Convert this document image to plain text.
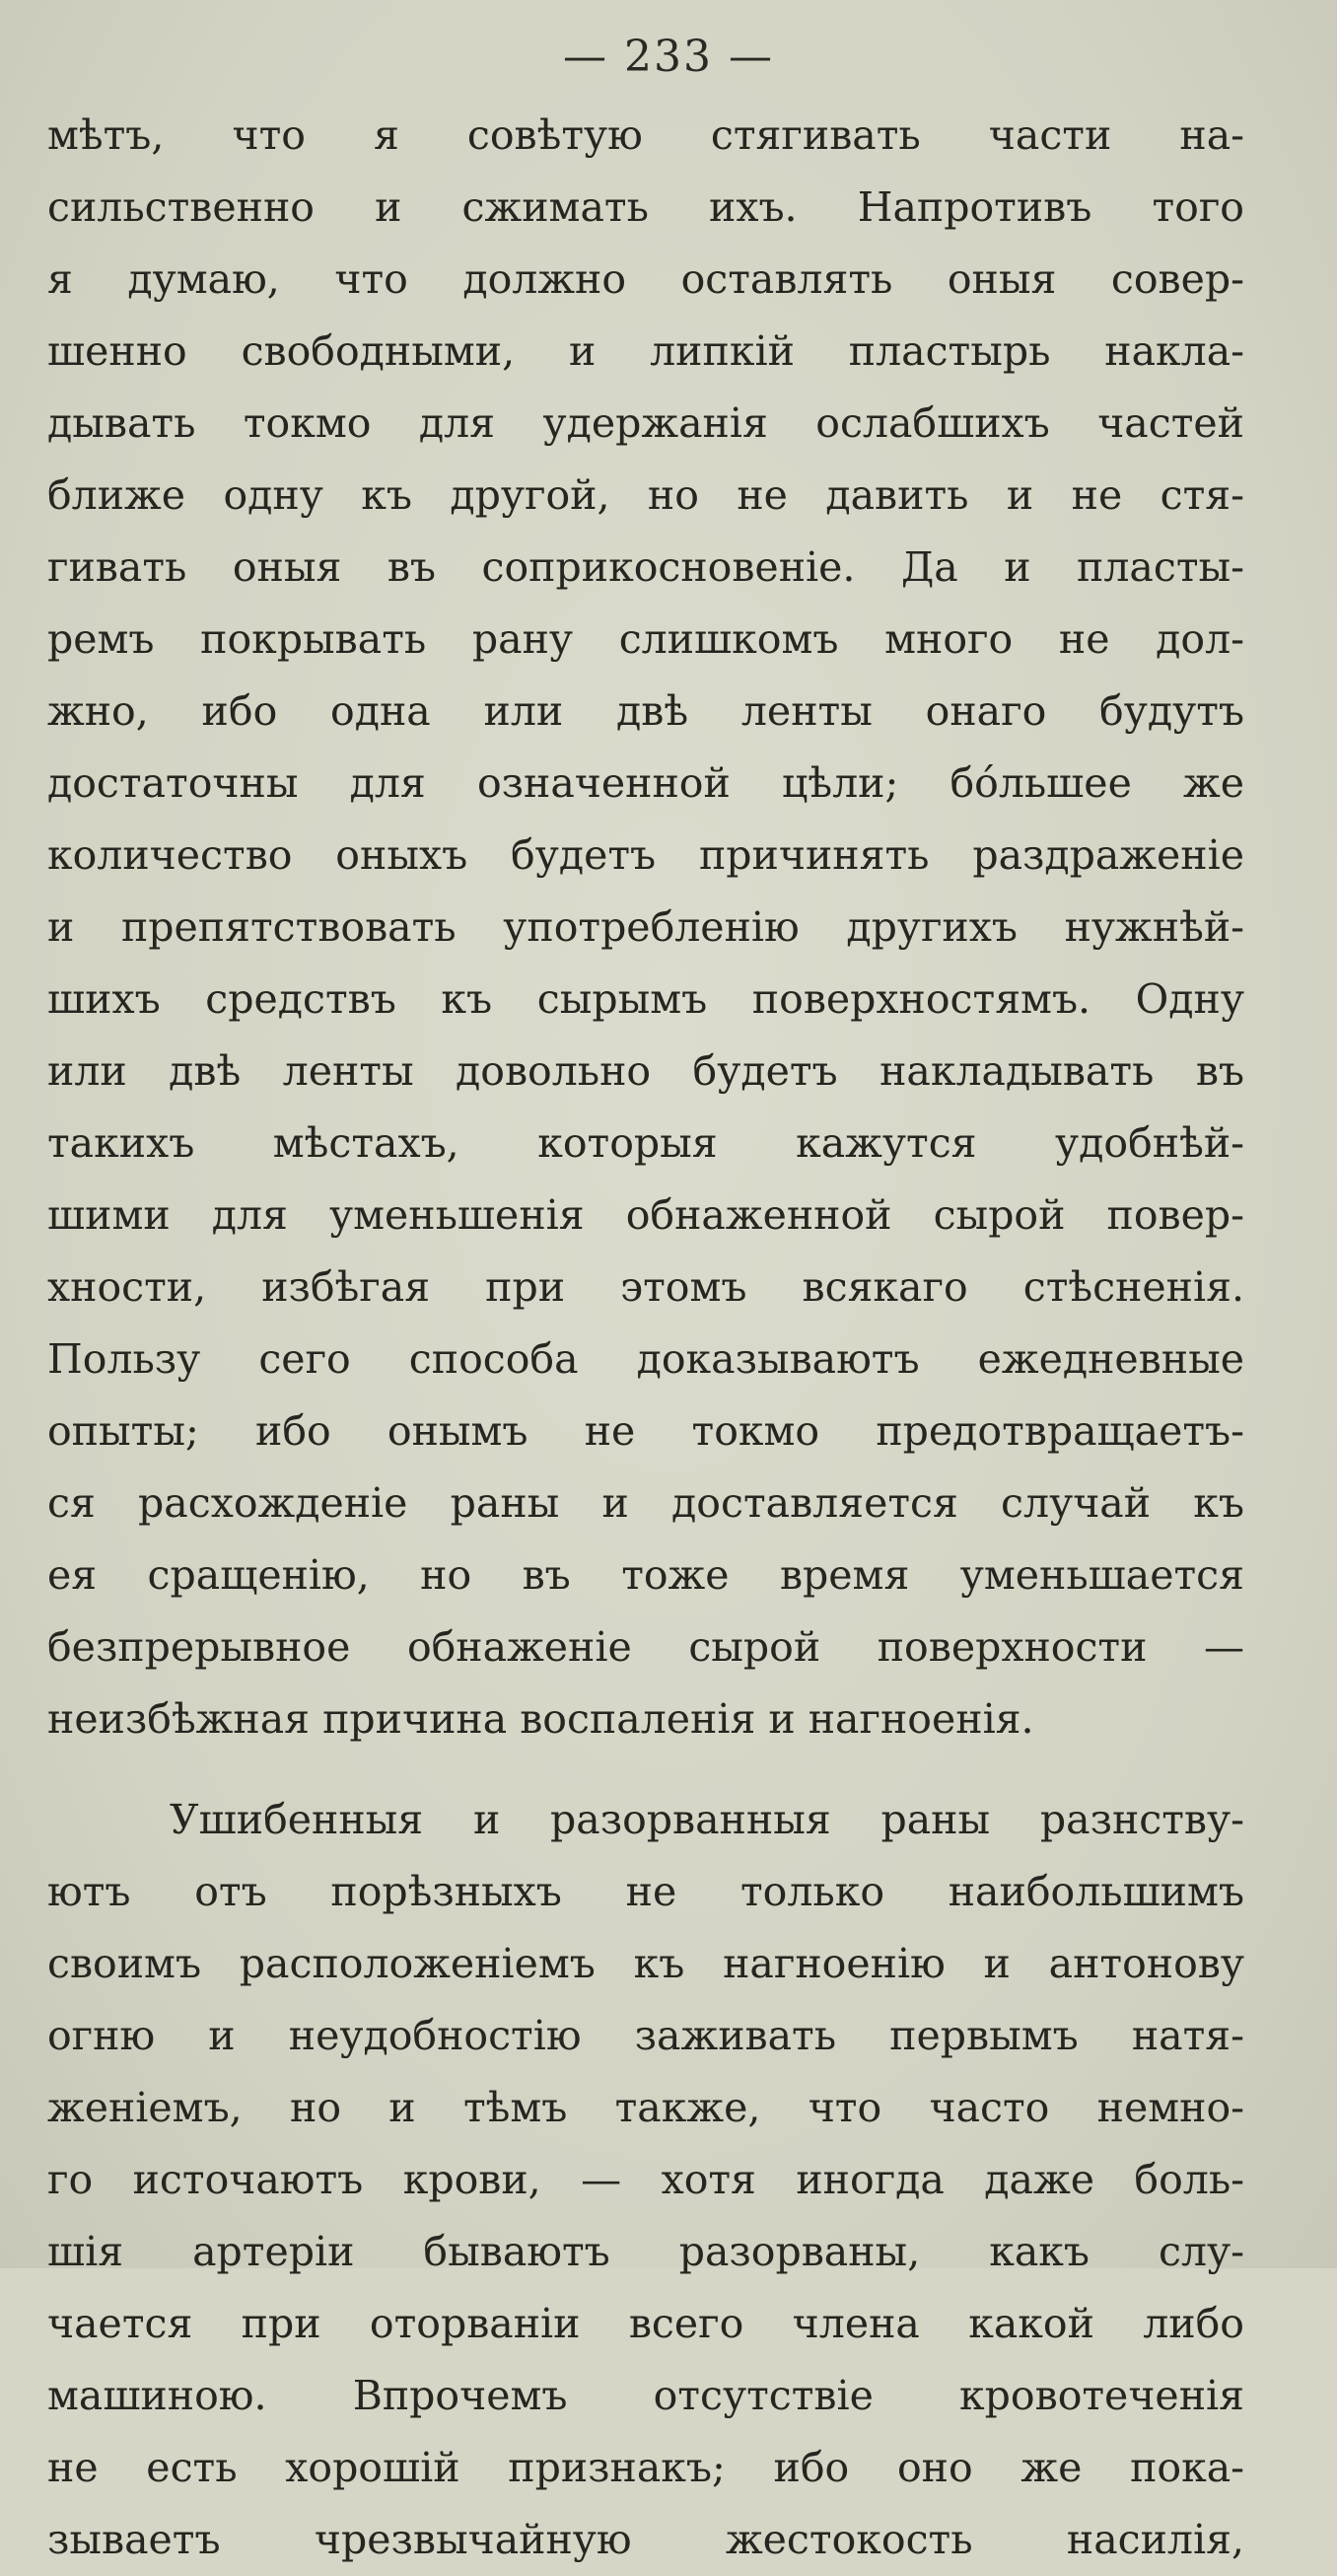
— 233 —
мѣтъ, что я совѣтую стягивать части на-
сильственно и сжимать ихъ. Напротивъ того
я думаю, что должно оставлять оныя совер-
шенно свободными, и липкій пластырь накла-
дывать токмо для удержанія ослабшихъ частей
ближе одну къ другой, но не давить и не стя-
гивать оныя въ соприкосновеніе. Да и пласты-
ремъ покрывать рану слишкомъ много не дол-
жно, ибо одна или двѣ ленты онаго будутъ
достаточны для означенной цѣли; бо́льшее же
количество оныхъ будетъ причинять раздраженіе
и препятствовать употребленію другихъ нужнѣй-
шихъ средствъ къ сырымъ поверхностямъ. Одну
или двѣ ленты довольно будетъ накладывать въ
такихъ мѣстахъ, которыя кажутся удобнѣй-
шими для уменьшенія обнаженной сырой повер-
хности, избѣгая при этомъ всякаго стѣсненія.
Пользу сего способа доказываютъ ежедневные
опыты; ибо онымъ не токмо предотвращаетъ-
ся расхожденіе раны и доставляется случай къ
ея сращенію, но въ тоже время уменьшается
безпрерывное обнаженіе сырой поверхности —
неизбѣжная причина воспаленія и нагноенія.
Ушибенныя и разорванныя раны разнству-
ютъ отъ порѣзныхъ не только наибольшимъ
своимъ расположеніемъ къ нагноенію и антонову
огню и неудобностію заживать первымъ натя-
женіемъ, но и тѣмъ также, что часто немно-
го источаютъ крови, — хотя иногда даже боль-
шія артеріи бываютъ разорваны, какъ слу-
чается при оторваніи всего члена какой либо
машиною. Впрочемъ отсутствіе кровотеченія
не есть хорошій признакъ; ибо оно же пока-
зываетъ чрезвычайную жестокость насилія,
